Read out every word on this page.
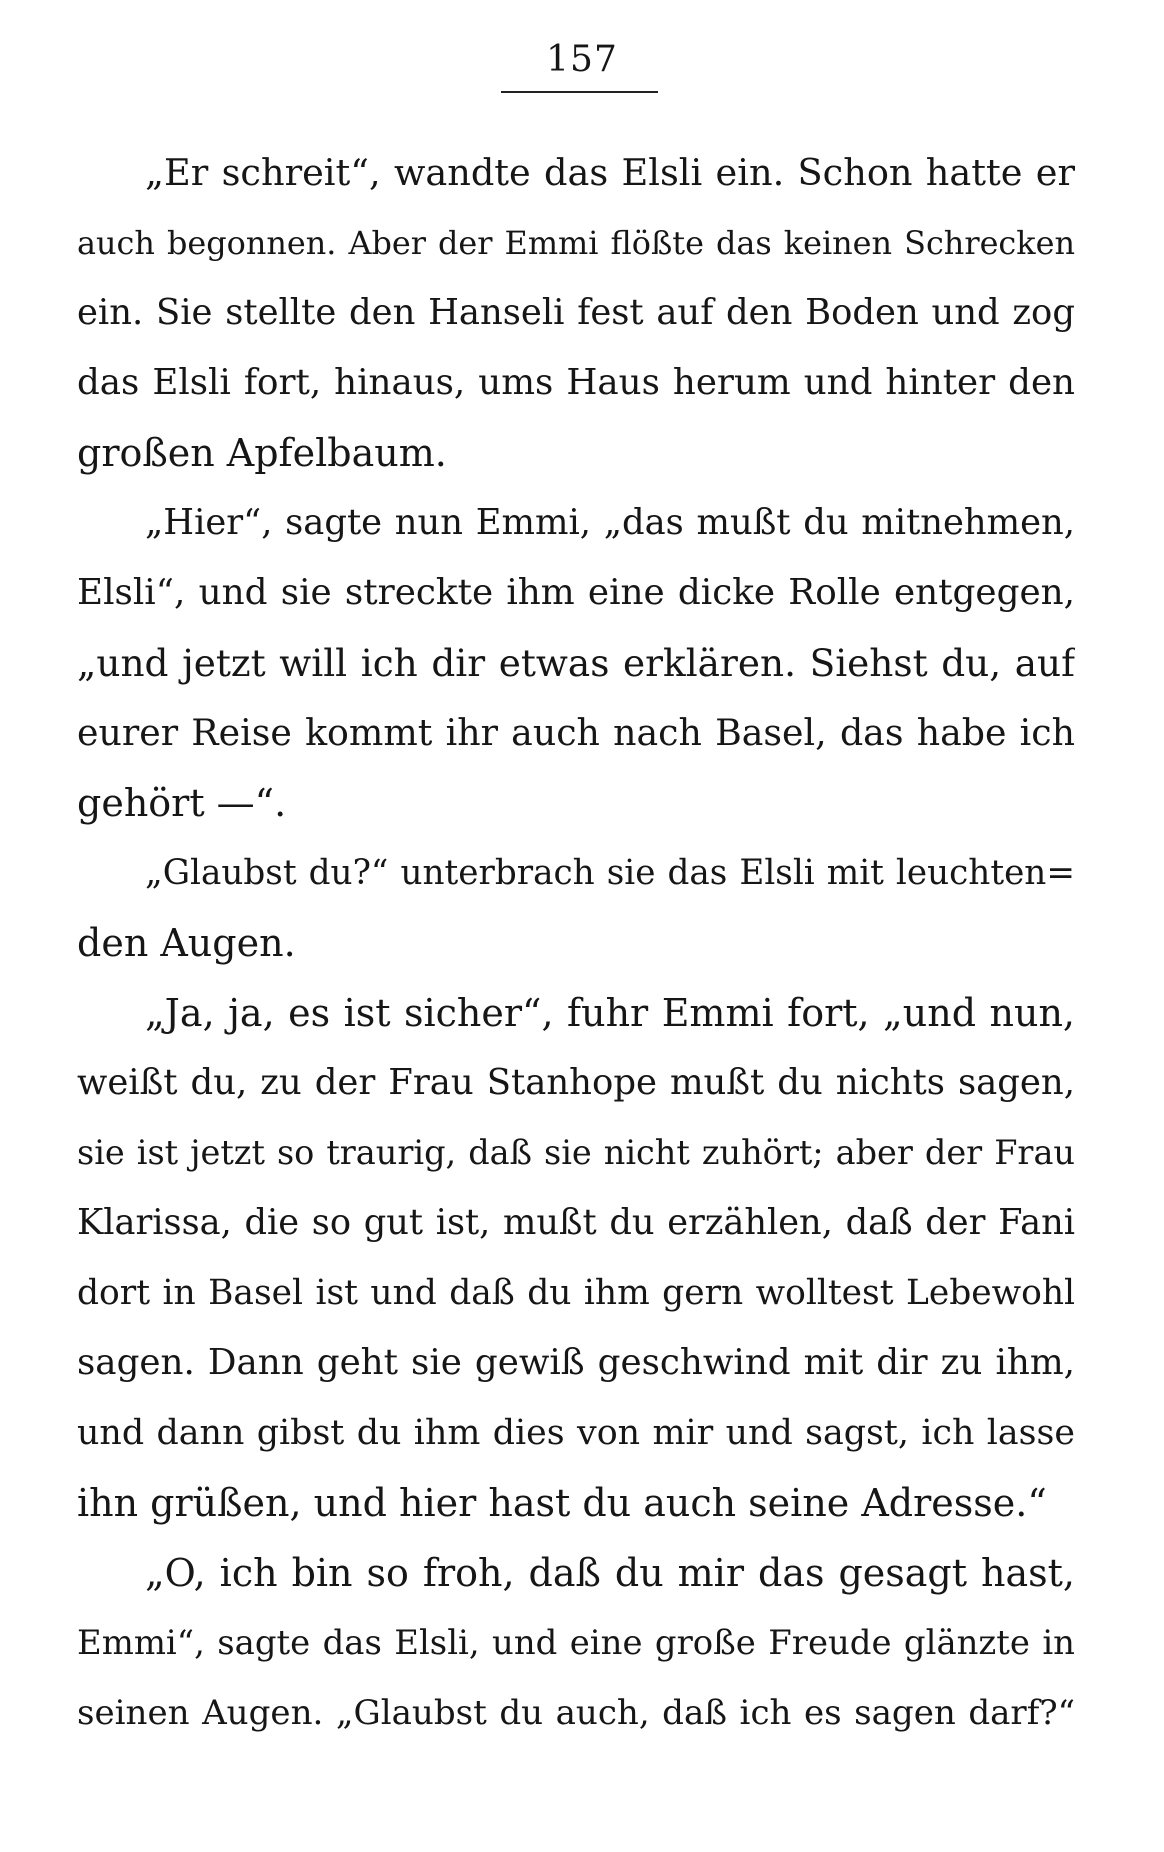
157
„Er schreit“, wandte das Elsli ein. Schon hatte er
auch begonnen. Aber der Emmi flößte das keinen Schrecken
ein. Sie stellte den Hanseli fest auf den Boden und zog
das Elsli fort, hinaus, ums Haus herum und hinter den
großen Apfelbaum.
„Hier“, sagte nun Emmi, „das mußt du mitnehmen,
Elsli“, und sie streckte ihm eine dicke Rolle entgegen,
„und jetzt will ich dir etwas erklären. Siehst du, auf
eurer Reise kommt ihr auch nach Basel, das habe ich
gehört —“.
„Glaubst du?“ unterbrach sie das Elsli mit leuchten=
den Augen.
„Ja, ja, es ist sicher“, fuhr Emmi fort, „und nun,
weißt du, zu der Frau Stanhope mußt du nichts sagen,
sie ist jetzt so traurig, daß sie nicht zuhört; aber der Frau
Klarissa, die so gut ist, mußt du erzählen, daß der Fani
dort in Basel ist und daß du ihm gern wolltest Lebewohl
sagen. Dann geht sie gewiß geschwind mit dir zu ihm,
und dann gibst du ihm dies von mir und sagst, ich lasse
ihn grüßen, und hier hast du auch seine Adresse.“
„O, ich bin so froh, daß du mir das gesagt hast,
Emmi“, sagte das Elsli, und eine große Freude glänzte in
seinen Augen. „Glaubst du auch, daß ich es sagen darf?“
